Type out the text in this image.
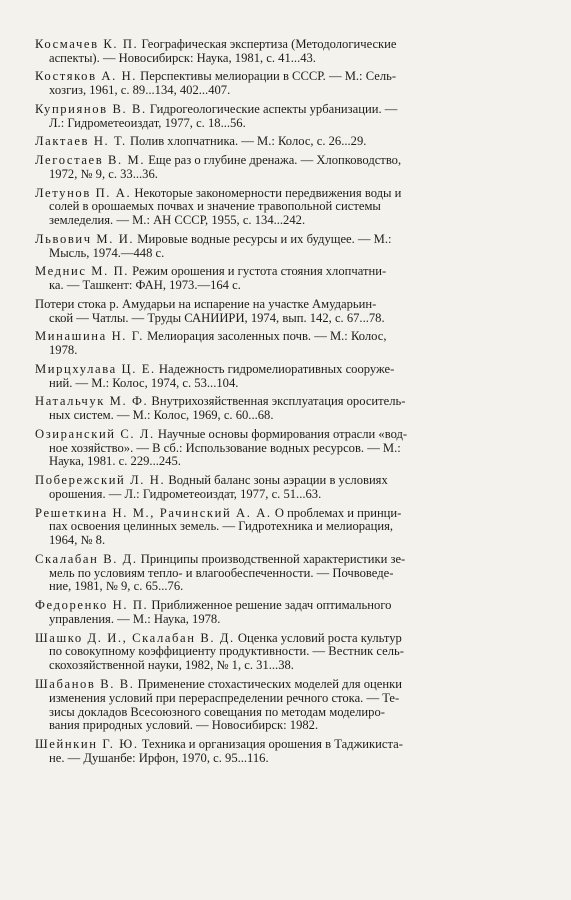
Космачев К. П. Географическая экспертиза (Методологические
аспекты). — Новосибирск: Наука, 1981, с. 41...43.
Костяков А. Н. Перспективы мелиорации в СССР. — М.: Сель-
хозгиз, 1961, с. 89...134, 402...407.
Куприянов В. В. Гидрогеологические аспекты урбанизации. —
Л.: Гидрометеоиздат, 1977, с. 18...56.
Лактаев Н. Т. Полив хлопчатника. — М.: Колос, с. 26...29.
Легостаев В. М. Еще раз о глубине дренажа. — Хлопководство,
1972, № 9, с. 33...36.
Летунов П. А. Некоторые закономерности передвижения воды и
солей в орошаемых почвах и значение травопольной системы
земледелия. — М.: АН СССР, 1955, с. 134...242.
Львович М. И. Мировые водные ресурсы и их будущее. — М.:
Мысль, 1974.—448 с.
Меднис М. П. Режим орошения и густота стояния хлопчатни-
ка. — Ташкент: ФАН, 1973.—164 с.
Потери стока р. Амударьи на испарение на участке Амударьин-
ской — Чатлы. — Труды САНИИРИ, 1974, вып. 142, с. 67...78.
Минашина Н. Г. Мелиорация засоленных почв. — М.: Колос,
1978.
Мирцхулава Ц. Е. Надежность гидромелиоративных сооруже-
ний. — М.: Колос, 1974, с. 53...104.
Натальчук М. Ф. Внутрихозяйственная эксплуатация ороситель-
ных систем. — М.: Колос, 1969, с. 60...68.
Озиранский С. Л. Научные основы формирования отрасли «вод-
ное хозяйство». — В сб.: Использование водных ресурсов. — М.:
Наука, 1981. с. 229...245.
Побережский Л. Н. Водный баланс зоны аэрации в условиях
орошения. — Л.: Гидрометеоиздат, 1977, с. 51...63.
Решеткина Н. М., Рачинский А. А. О проблемах и принци-
пах освоения целинных земель. — Гидротехника и мелиорация,
1964, № 8.
Скалабан В. Д. Принципы производственной характеристики зе-
мель по условиям тепло- и влагообеспеченности. — Почвоведе-
ние, 1981, № 9, с. 65...76.
Федоренко Н. П. Приближенное решение задач оптимального
управления. — М.: Наука, 1978.
Шашко Д. И., Скалабан В. Д. Оценка условий роста культур
по совокупному коэффициенту продуктивности. — Вестник сель-
скохозяйственной науки, 1982, № 1, с. 31...38.
Шабанов В. В. Применение стохастических моделей для оценки
изменения условий при перераспределении речного стока. — Те-
зисы докладов Всесоюзного совещания по методам моделиро-
вания природных условий. — Новосибирск: 1982.
Шейнкин Г. Ю. Техника и организация орошения в Таджикиста-
не. — Душанбе: Ирфон, 1970, с. 95...116.
